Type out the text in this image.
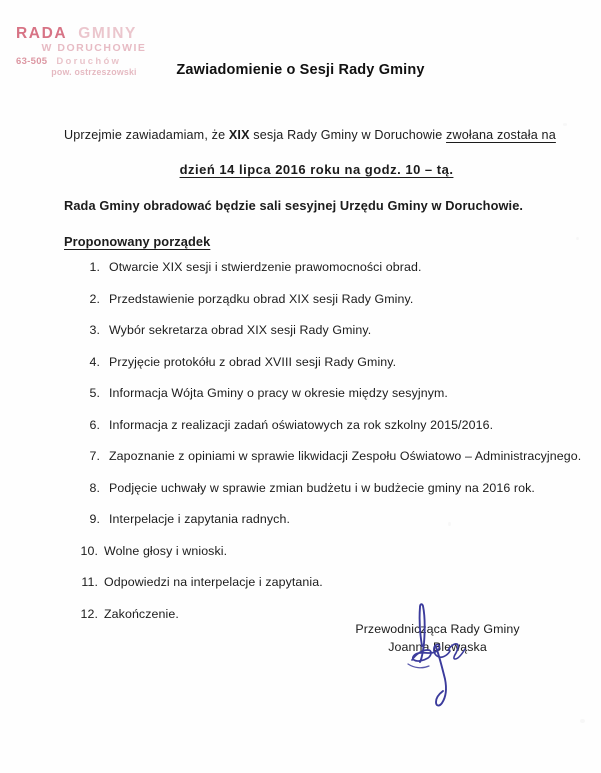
RADA GMINY
W DORUCHOWIE
63-505 Doruchów
pow. ostrzeszowski	Zawiadomienie o Sesji Rady Gminy
Uprzejmie zawiadamiam, że XIX sesja Rady Gminy w Doruchowie zwołana została na
dzień 14 lipca 2016 roku na godz. 10 – tą.
Rada Gminy obradować będzie sali sesyjnej Urzędu Gminy w Doruchowie.
Proponowany porządek
1. Otwarcie XIX sesji i stwierdzenie prawomocności obrad.
2. Przedstawienie porządku obrad XIX sesji Rady Gminy.
3. Wybór sekretarza obrad XIX sesji Rady Gminy.
4. Przyjęcie protokółu z obrad XVIII sesji Rady Gminy.
5. Informacja Wójta Gminy o pracy w okresie między sesyjnym.
6. Informacja z realizacji zadań oświatowych za rok szkolny 2015/2016.
7. Zapoznanie z opiniami w sprawie likwidacji Zespołu Oświatowo – Administracyjnego.
8. Podjęcie uchwały w sprawie zmian budżetu i w budżecie gminy na 2016 rok.
9. Interpelacje i zapytania radnych.
10. Wolne głosy i wnioski.
11. Odpowiedzi na interpelacje i zapytania.
12. Zakończenie.
Przewodnicząca Rady Gminy
Joanna Blewąska
